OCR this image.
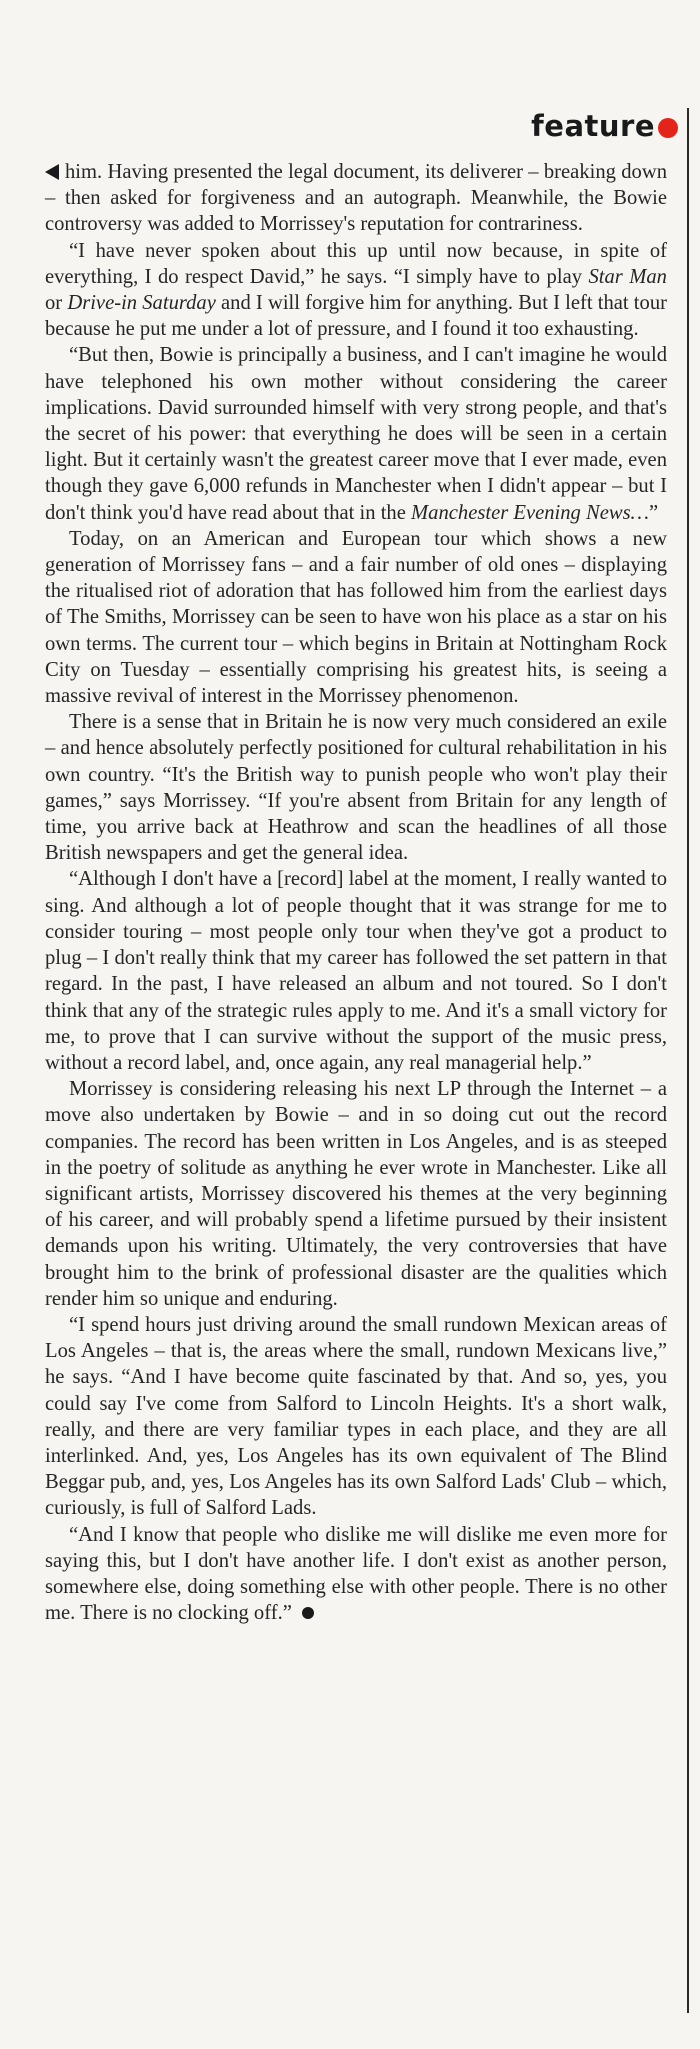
feature

him. Having presented the legal document, its deliverer – breaking down – then asked for forgiveness and an autograph. Meanwhile, the Bowie controversy was added to Morrissey's reputation for contrariness.

“I have never spoken about this up until now because, in spite of everything, I do respect David,” he says. “I simply have to play Star Man or Drive-in Saturday and I will forgive him for anything. But I left that tour because he put me under a lot of pressure, and I found it too exhausting.

“But then, Bowie is principally a business, and I can't imagine he would have telephoned his own mother without considering the career implications. David surrounded himself with very strong people, and that's the secret of his power: that everything he does will be seen in a certain light. But it certainly wasn't the greatest career move that I ever made, even though they gave 6,000 refunds in Manchester when I didn't appear – but I don't think you'd have read about that in the Manchester Evening News…”

Today, on an American and European tour which shows a new generation of Morrissey fans – and a fair number of old ones – displaying the ritualised riot of adoration that has followed him from the earliest days of The Smiths, Morrissey can be seen to have won his place as a star on his own terms. The current tour – which begins in Britain at Nottingham Rock City on Tuesday – essentially comprising his greatest hits, is seeing a massive revival of interest in the Morrissey phenomenon.

There is a sense that in Britain he is now very much considered an exile – and hence absolutely perfectly positioned for cultural rehabilitation in his own country. “It's the British way to punish people who won't play their games,” says Morrissey. “If you're absent from Britain for any length of time, you arrive back at Heathrow and scan the headlines of all those British newspapers and get the general idea.

“Although I don't have a [record] label at the moment, I really wanted to sing. And although a lot of people thought that it was strange for me to consider touring – most people only tour when they've got a product to plug – I don't really think that my career has followed the set pattern in that regard. In the past, I have released an album and not toured. So I don't think that any of the strategic rules apply to me. And it's a small victory for me, to prove that I can survive without the support of the music press, without a record label, and, once again, any real managerial help.”

Morrissey is considering releasing his next LP through the Internet – a move also undertaken by Bowie – and in so doing cut out the record companies. The record has been written in Los Angeles, and is as steeped in the poetry of solitude as anything he ever wrote in Manchester. Like all significant artists, Morrissey discovered his themes at the very beginning of his career, and will probably spend a lifetime pursued by their insistent demands upon his writing. Ultimately, the very controversies that have brought him to the brink of professional disaster are the qualities which render him so unique and enduring.

“I spend hours just driving around the small rundown Mexican areas of Los Angeles – that is, the areas where the small, rundown Mexicans live,” he says. “And I have become quite fascinated by that. And so, yes, you could say I've come from Salford to Lincoln Heights. It's a short walk, really, and there are very familiar types in each place, and they are all interlinked. And, yes, Los Angeles has its own equivalent of The Blind Beggar pub, and, yes, Los Angeles has its own Salford Lads' Club – which, curiously, is full of Salford Lads.

“And I know that people who dislike me will dislike me even more for saying this, but I don't have another life. I don't exist as another person, somewhere else, doing something else with other people. There is no other me. There is no clocking off.”
